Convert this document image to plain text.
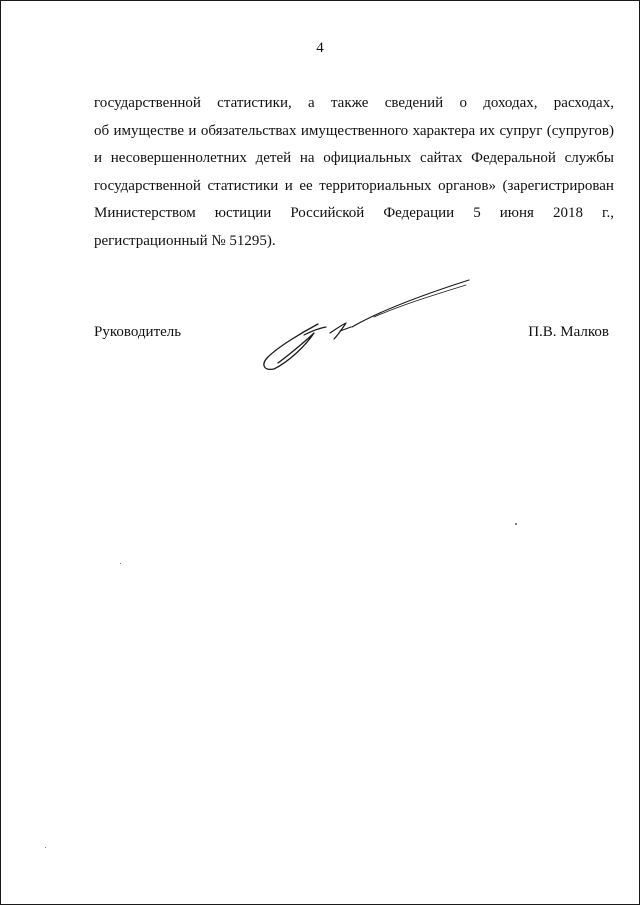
4
государственной статистики, а также сведений о доходах, расходах,
об имуществе и обязательствах имущественного характера их супруг (супругов)
и несовершеннолетних детей на официальных сайтах Федеральной службы
государственной статистики и ее территориальных органов» (зарегистрирован
Министерством юстиции Российской Федерации 5 июня 2018 г.,
регистрационный № 51295).
Руководитель	П.В. Малков
